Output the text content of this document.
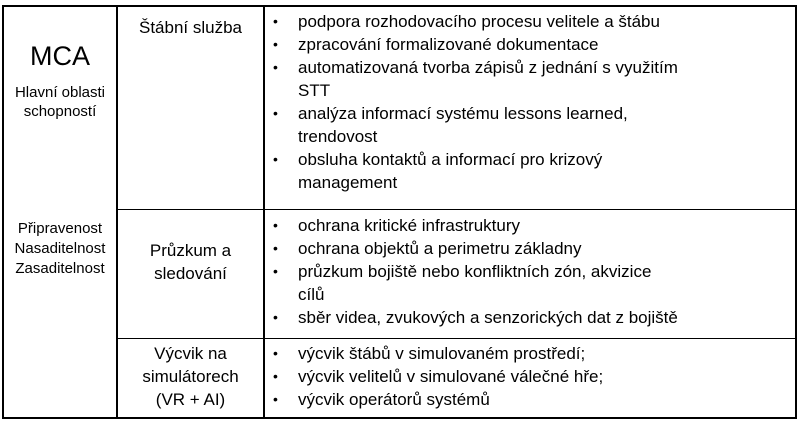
MCA
Hlavní oblasti
schopností
Připravenost
Nasaditelnost
Zasaditelnost
Štábní služba	• podpora rozhodovacího procesu velitele a štábu
• zpracování formalizované dokumentace
• automatizovaná tvorba zápisů z jednání s využitím
STT
• analýza informací systému lessons learned,
trendovost
• obsluha kontaktů a informací pro krizový
management
Průzkum a
sledování
• ochrana kritické infrastruktury
• ochrana objektů a perimetru základny
• průzkum bojiště nebo konfliktních zón, akvizice
cílů
• sběr videa, zvukových a senzorických dat z bojiště
Výcvik na
simulátorech
(VR + AI)
• výcvik štábů v simulovaném prostředí;
• výcvik velitelů v simulované válečné hře;
• výcvik operátorů systémů
